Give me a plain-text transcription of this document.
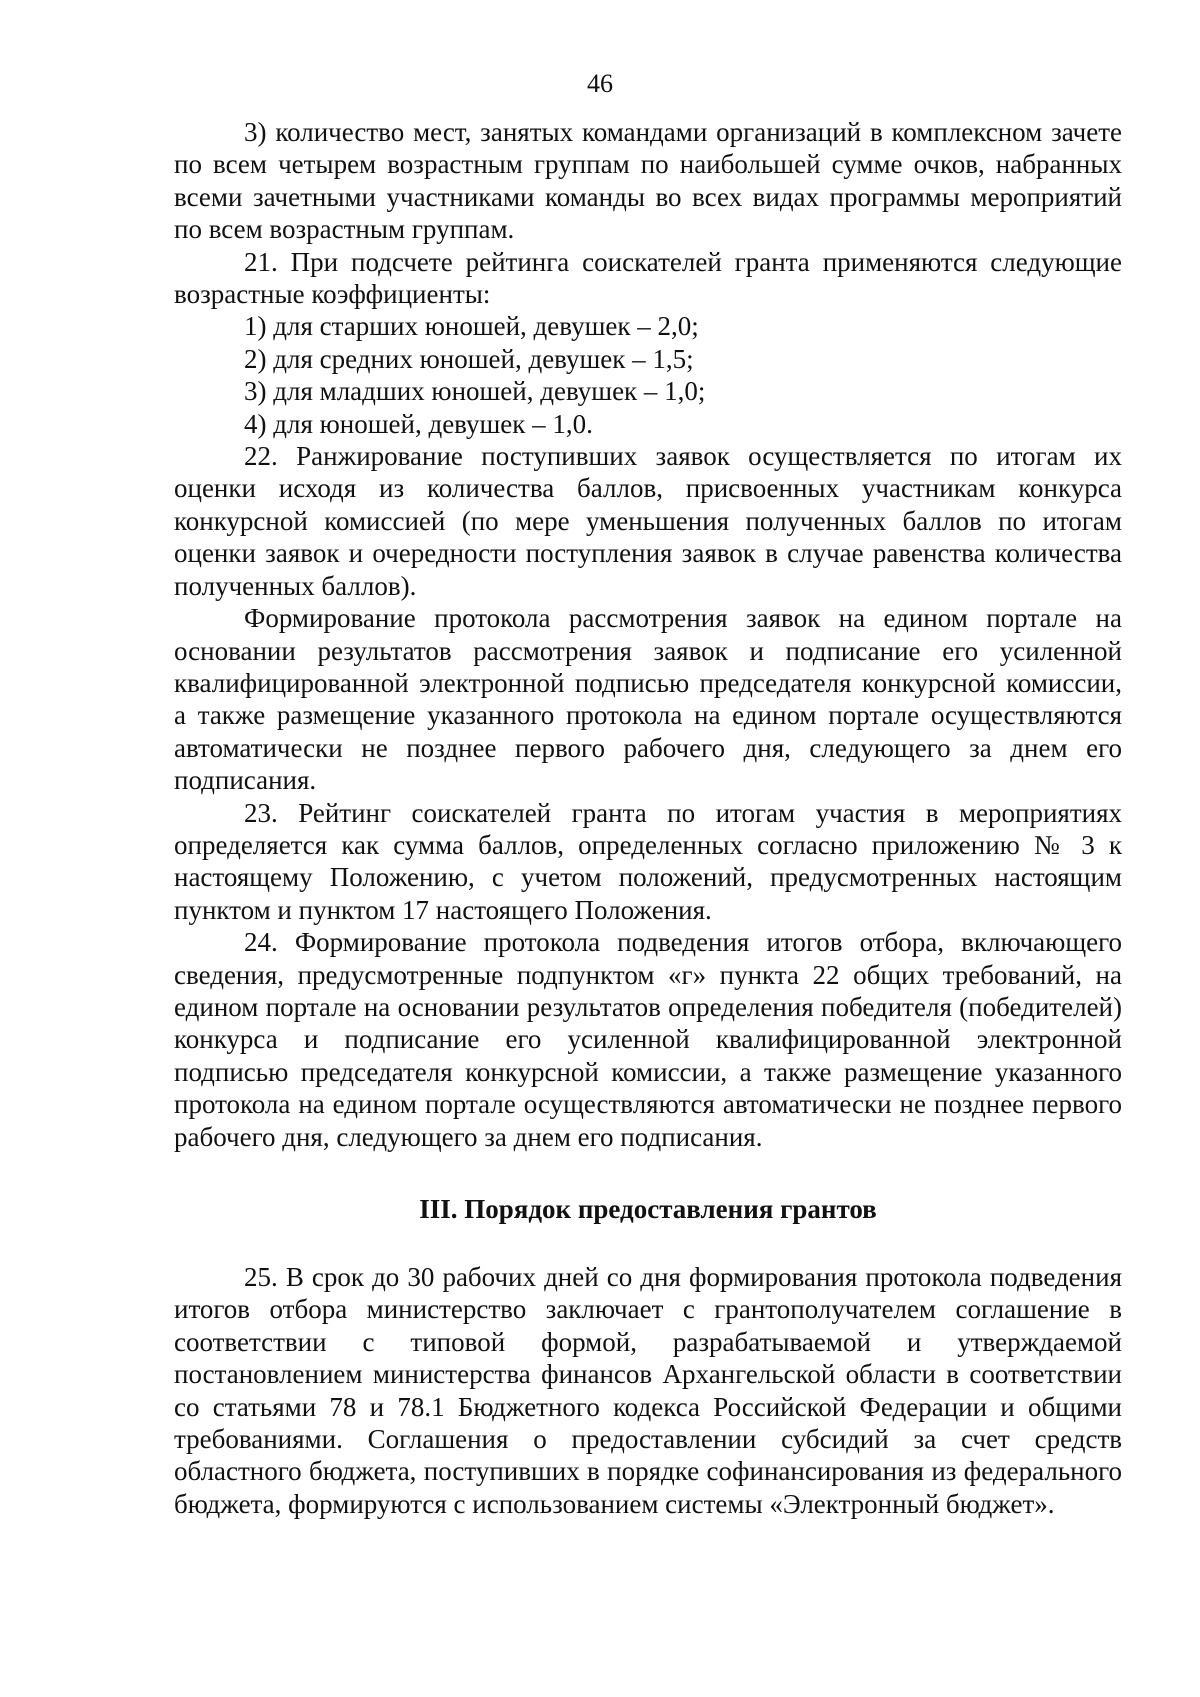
46

3) количество мест, занятых командами организаций в комплексном зачете по всем четырем возрастным группам по наибольшей сумме очков, набранных всеми зачетными участниками команды во всех видах программы мероприятий по всем возрастным группам.

21. При подсчете рейтинга соискателей гранта применяются следующие возрастные коэффициенты:

1) для старших юношей, девушек – 2,0;

2) для средних юношей, девушек – 1,5;

3) для младших юношей, девушек – 1,0;

4) для юношей, девушек – 1,0.

22. Ранжирование поступивших заявок осуществляется по итогам их оценки исходя из количества баллов, присвоенных участникам конкурса конкурсной комиссией (по мере уменьшения полученных баллов по итогам оценки заявок и очередности поступления заявок в случае равенства количества полученных баллов).

Формирование протокола рассмотрения заявок на едином портале на основании результатов рассмотрения заявок и подписание его усиленной квалифицированной электронной подписью председателя конкурсной комиссии, а также размещение указанного протокола на едином портале осуществляются автоматически не позднее первого рабочего дня, следующего за днем его подписания.

23. Рейтинг соискателей гранта по итогам участия в мероприятиях определяется как сумма баллов, определенных согласно приложению № 3 к настоящему Положению, с учетом положений, предусмотренных настоящим пунктом и пунктом 17 настоящего Положения.

24. Формирование протокола подведения итогов отбора, включающего сведения, предусмотренные подпунктом «г» пункта 22 общих требований, на едином портале на основании результатов определения победителя (победителей) конкурса и подписание его усиленной квалифицированной электронной подписью председателя конкурсной комиссии, а также размещение указанного протокола на едином портале осуществляются автоматически не позднее первого рабочего дня, следующего за днем его подписания.

III. Порядок предоставления грантов

25. В срок до 30 рабочих дней со дня формирования протокола подведения итогов отбора министерство заключает с грантополучателем соглашение в соответствии с типовой формой, разрабатываемой и утверждаемой постановлением министерства финансов Архангельской области в соответствии со статьями 78 и 78.1 Бюджетного кодекса Российской Федерации и общими требованиями. Соглашения о предоставлении субсидий за счет средств областного бюджета, поступивших в порядке софинансирования из федерального бюджета, формируются с использованием системы «Электронный бюджет».
